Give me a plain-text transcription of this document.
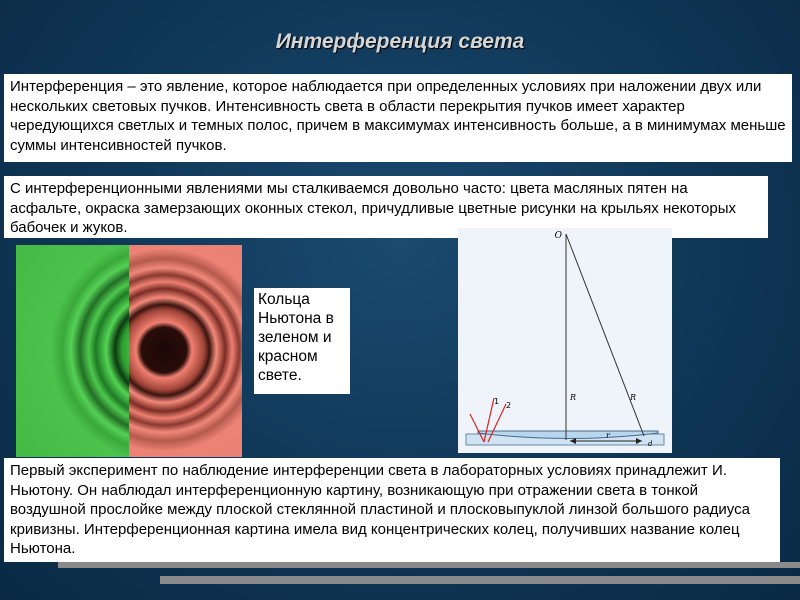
Интерференция света
Интерференция – это явление, которое наблюдается при определенных условиях при наложении двух или нескольких световых пучков. Интенсивность света в области перекрытия пучков имеет характер чередующихся светлых и темных полос, причем в максимумах интенсивность больше, а в минимумах меньше суммы интенсивностей пучков.
С интерференционными явлениями мы сталкиваемся довольно часто: цвета масляных пятен на асфальте, окраска замерзающих оконных стекол, причудливые цветные рисунки на крыльях некоторых бабочек и жуков.
Кольца Ньютона в зеленом и красном свете.
O
R	R
r
1 2
d
Первый эксперимент по наблюдение интерференции света в лабораторных условиях принадлежит И. Ньютону. Он наблюдал интерференционную картину, возникающую при отражении света в тонкой воздушной прослойке между плоской стеклянной пластиной и плосковыпуклой линзой большого радиуса кривизны. Интерференционная картина имела вид концентрических колец, получивших название колец Ньютона.
